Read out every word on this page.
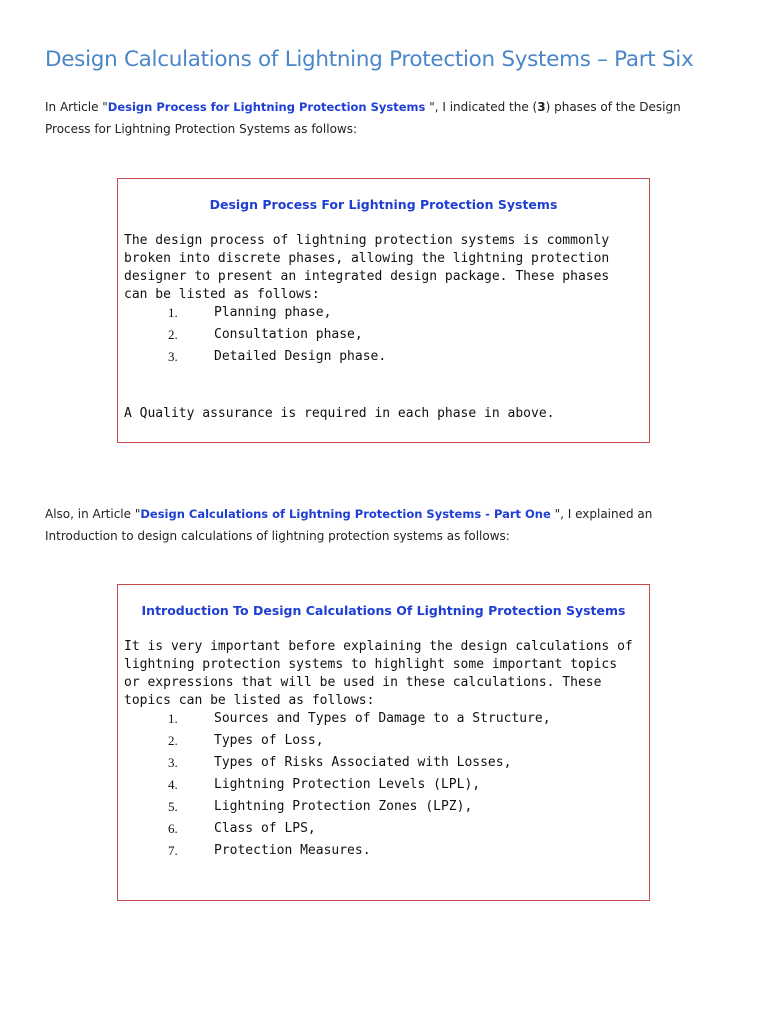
Design Calculations of Lightning Protection Systems – Part Six
In Article "Design Process for Lightning Protection Systems ", I indicated the (3) phases of the Design Process for Lightning Protection Systems as follows:
Design Process For Lightning Protection Systems
The design process of lightning protection systems is commonly broken into discrete phases, allowing the lightning protection designer to present an integrated design package. These phases can be listed as follows:
1.	Planning phase,
2.	Consultation phase,
3.	Detailed Design phase.
A Quality assurance is required in each phase in above.
Also, in Article "Design Calculations of Lightning Protection Systems - Part One ", I explained an Introduction to design calculations of lightning protection systems as follows:
Introduction To Design Calculations Of Lightning Protection Systems
It is very important before explaining the design calculations of lightning protection systems to highlight some important topics or expressions that will be used in these calculations. These topics can be listed as follows:
1.	Sources and Types of Damage to a Structure,
2.	Types of Loss,
3.	Types of Risks Associated with Losses,
4.	Lightning Protection Levels (LPL),
5.	Lightning Protection Zones (LPZ),
6.	Class of LPS,
7.	Protection Measures.
